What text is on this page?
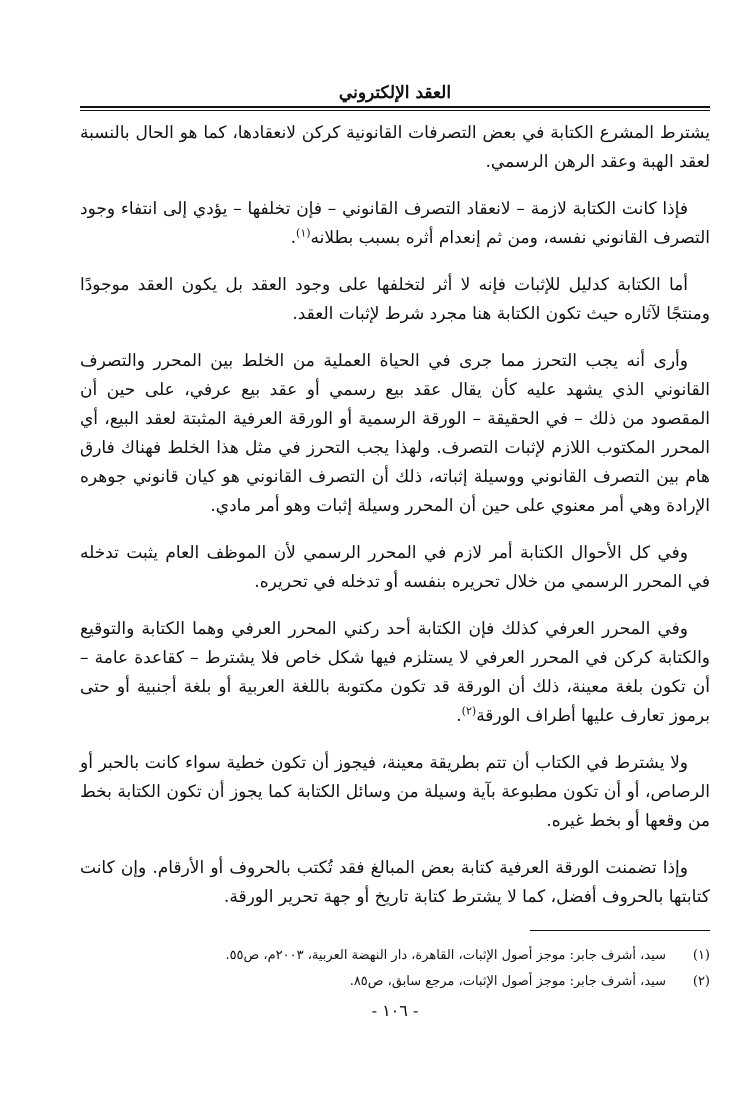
العقد الإلكتروني

يشترط المشرع الكتابة في بعض التصرفات القانونية كركن لانعقادها، كما هو الحال بالنسبة لعقد الهبة وعقد الرهن الرسمي.

فإذا كانت الكتابة لازمة – لانعقاد التصرف القانوني – فإن تخلفها – يؤدي إلى انتفاء وجود التصرف القانوني نفسه، ومن ثم إنعدام أثره بسبب بطلانه$^{(١)}$.

أما الكتابة كدليل للإثبات فإنه لا أثر لتخلفها على وجود العقد بل يكون العقد موجودًا ومنتجًا لآثاره حيث تكون الكتابة هنا مجرد شرط لإثبات العقد.

وأرى أنه يجب التحرز مما جرى في الحياة العملية من الخلط بين المحرر والتصرف القانوني الذي يشهد عليه كأن يقال عقد بيع رسمي أو عقد بيع عرفي، على حين أن المقصود من ذلك – في الحقيقة – الورقة الرسمية أو الورقة العرفية المثبتة لعقد البيع، أي المحرر المكتوب اللازم لإثبات التصرف. ولهذا يجب التحرز في مثل هذا الخلط فهناك فارق هام بين التصرف القانوني ووسيلة إثباته، ذلك أن التصرف القانوني هو كيان قانوني جوهره الإرادة وهي أمر معنوي على حين أن المحرر وسيلة إثبات وهو أمر مادي.

وفي كل الأحوال الكتابة أمر لازم في المحرر الرسمي لأن الموظف العام يثبت تدخله في المحرر الرسمي من خلال تحريره بنفسه أو تدخله في تحريره.

وفي المحرر العرفي كذلك فإن الكتابة أحد ركني المحرر العرفي وهما الكتابة والتوقيع والكتابة كركن في المحرر العرفي لا يستلزم فيها شكل خاص فلا يشترط – كقاعدة عامة – أن تكون بلغة معينة، ذلك أن الورقة قد تكون مكتوبة باللغة العربية أو بلغة أجنبية أو حتى برموز تعارف عليها أطراف الورقة$^{(٢)}$.

ولا يشترط في الكتاب أن تتم بطريقة معينة، فيجوز أن تكون خطية سواء كانت بالحبر أو الرصاص، أو أن تكون مطبوعة بآية وسيلة من وسائل الكتابة كما يجوز أن تكون الكتابة بخط من وقعها أو بخط غيره.

وإذا تضمنت الورقة العرفية كتابة بعض المبالغ فقد تُكتب بالحروف أو الأرقام. وإن كانت كتابتها بالحروف أفضل، كما لا يشترط كتابة تاريخ أو جهة تحرير الورقة.

(١)
سيد، أشرف جابر: موجز أصول الإثبات، القاهرة، دار النهضة العربية، ٢٠٠٣م، ص٥٥.
(٢)
سيد، أشرف جابر: موجز أصول الإثبات، مرجع سابق، ص٨٥.
- ١٠٦ -
